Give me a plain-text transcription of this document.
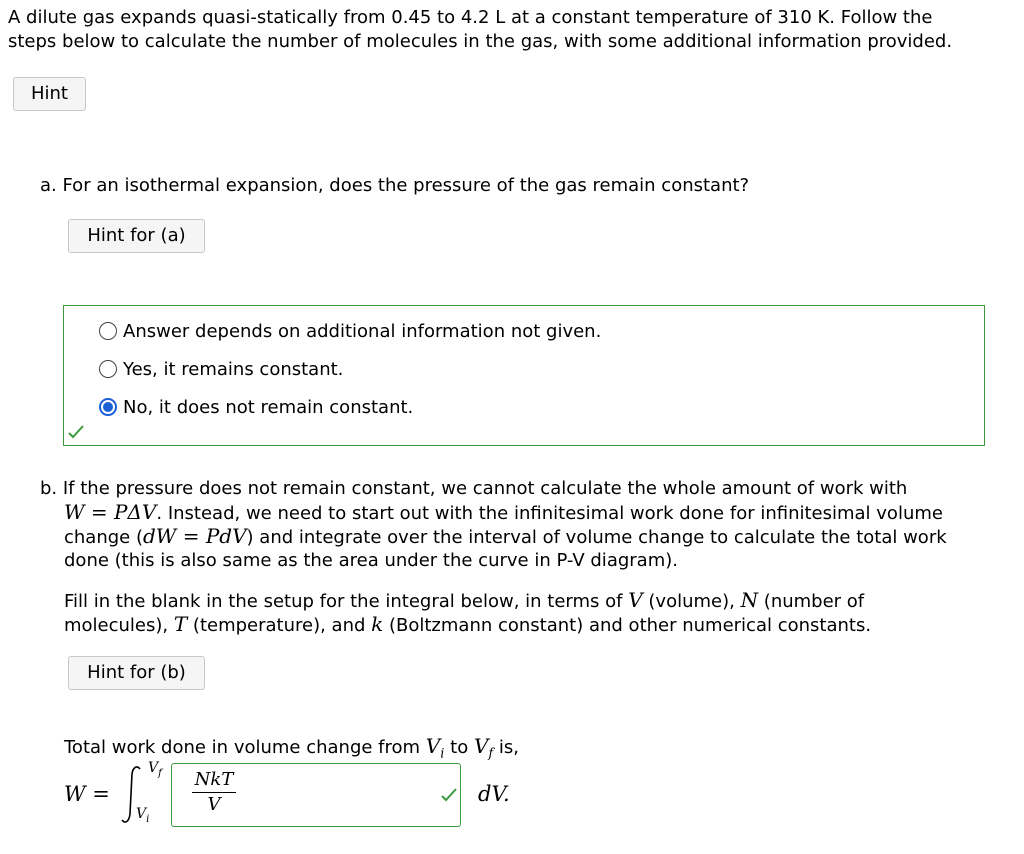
A dilute gas expands quasi-statically from 0.45 to 4.2 L at a constant temperature of 310 K. Follow the
steps below to calculate the number of molecules in the gas, with some additional information provided.
Hint
a. For an isothermal expansion, does the pressure of the gas remain constant?
Hint for (a)
Answer depends on additional information not given.
Yes, it remains constant.
No, it does not remain constant.
b. If the pressure does not remain constant, we cannot calculate the whole amount of work with
W = PΔV. Instead, we need to start out with the infinitesimal work done for infinitesimal volume
change (dW = PdV) and integrate over the interval of volume change to calculate the total work
done (this is also same as the area under the curve in P-V diagram).
Fill in the blank in the setup for the integral below, in terms of V (volume), N (number of
molecules), T (temperature), and k (Boltzmann constant) and other numerical constants.
Hint for (b)
Total work done in volume change from $V_i$ to $V_f$ is,
W =
$V_f$
$V_i$
NkT
V	dV.
